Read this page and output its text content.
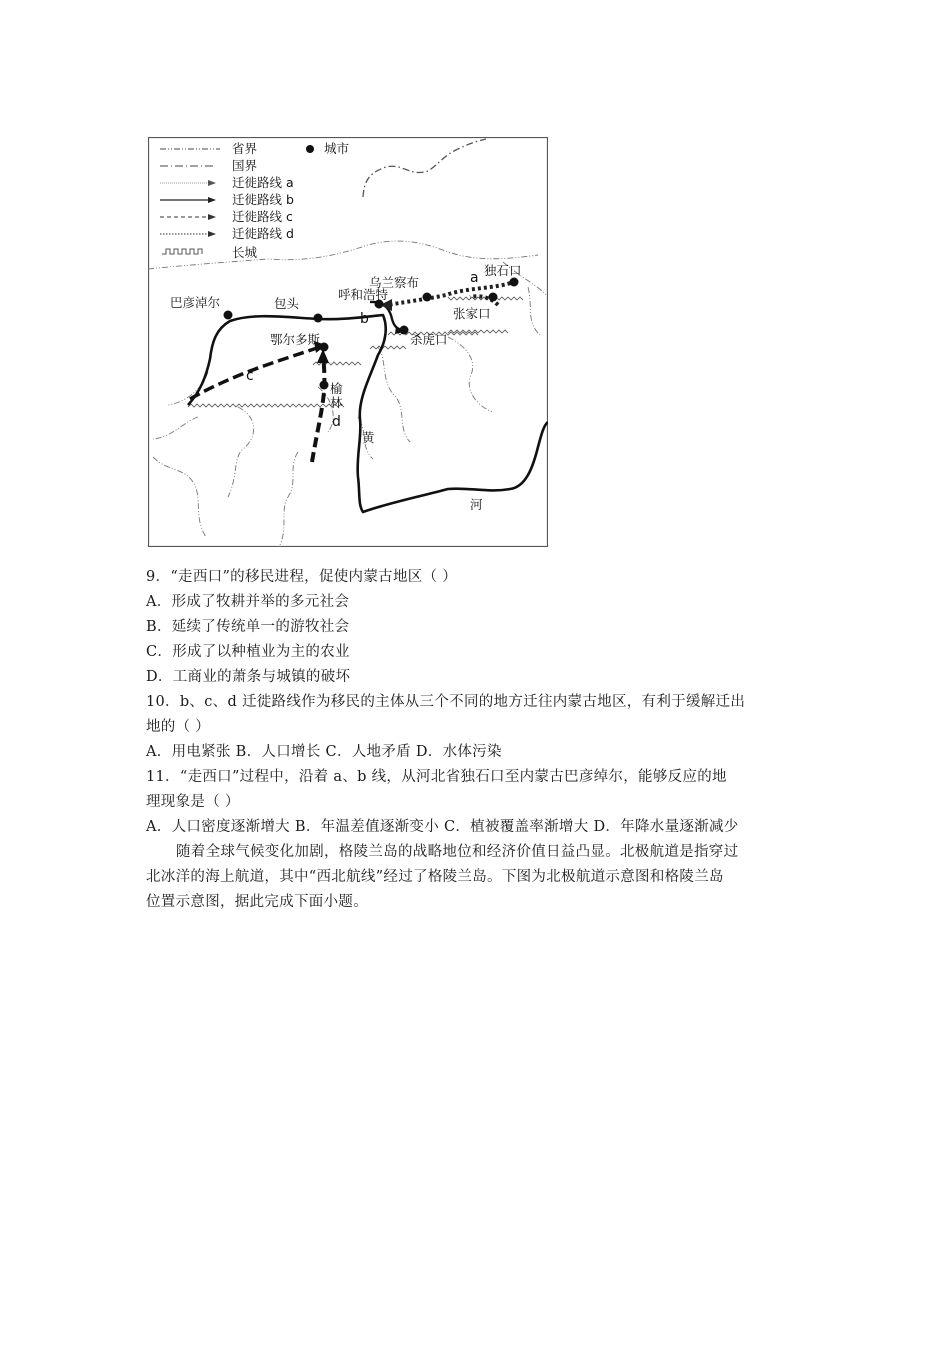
省界	城市
国界
迁徙路线 a
迁徙路线 b
迁徙路线 c
迁徙路线 d
长城
独石口
乌兰察布
呼和浩特
包头
巴彦淖尔
张家口
杀虎口
鄂尔多斯
榆
林
a
b
c
d
黄
河
9．“走西口”的移民进程，促使内蒙古地区（ ）
A．形成了牧耕并举的多元社会
B．延续了传统单一的游牧社会
C．形成了以种植业为主的农业
D．工商业的萧条与城镇的破坏
10．b、c、d 迁徙路线作为移民的主体从三个不同的地方迁往内蒙古地区，有利于缓解迁出
地的（ ）
A．用电紧张 B．人口增长 C．人地矛盾 D．水体污染
11．“走西口”过程中，沿着 a、b 线，从河北省独石口至内蒙古巴彦绰尔，能够反应的地
理现象是（ ）
A．人口密度逐渐增大 B．年温差值逐渐变小 C．植被覆盖率渐增大 D．年降水量逐渐减少
随着全球气候变化加剧，格陵兰岛的战略地位和经济价值日益凸显。北极航道是指穿过
北冰洋的海上航道，其中“西北航线”经过了格陵兰岛。下图为北极航道示意图和格陵兰岛
位置示意图，据此完成下面小题。
